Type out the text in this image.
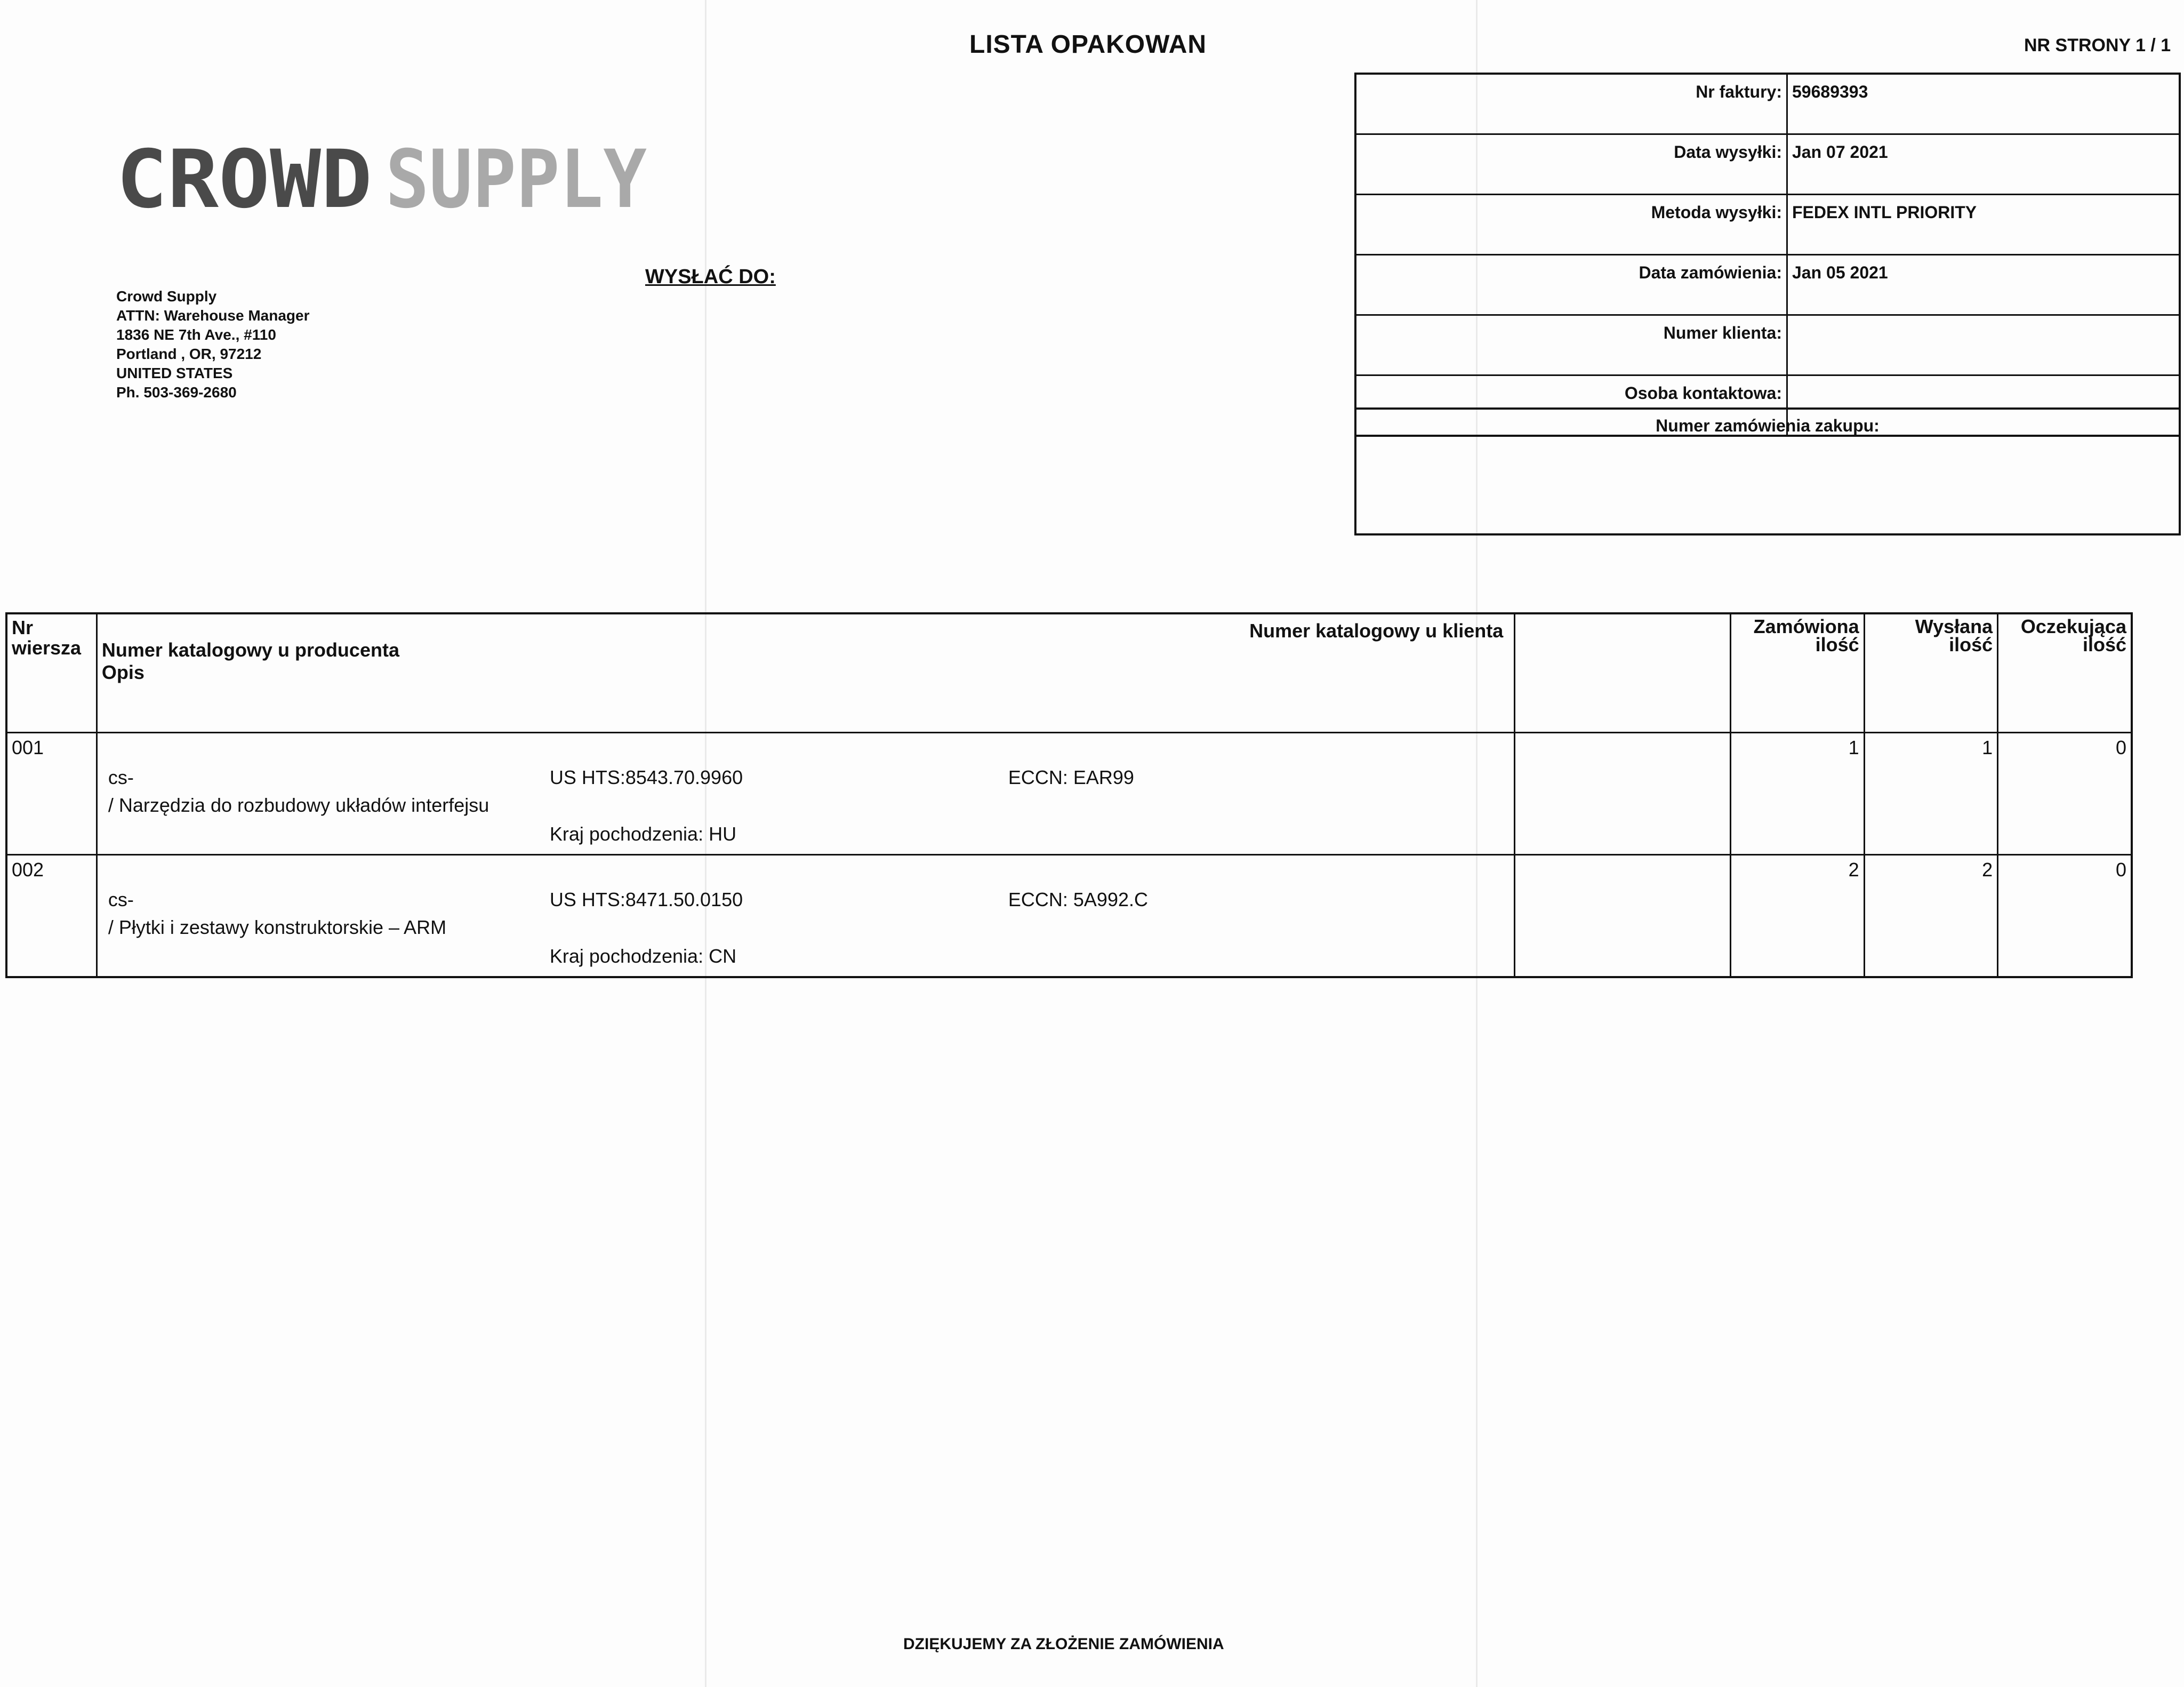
LISTA OPAKOWAN	NR STRONY 1 / 1
CROWD SUPPLY
Crowd Supply
ATTN: Warehouse Manager
1836 NE 7th Ave., #110
Portland , OR, 97212
UNITED STATES
Ph. 503-369-2680
WYSŁAĆ DO:
Nr faktury:	59689393
Data wysyłki:	Jan 07 2021
Metoda wysyłki:	FEDEX INTL PRIORITY
Data zamówienia:	Jan 05 2021
Numer klienta:	
Osoba kontaktowa:	
Numer zamówienia zakupu:
Nr wiersza	Numer katalogowy u producenta
Opis
Numer katalogowy u klienta		Zamówiona ilość	Wysłana ilość	Oczekująca ilość
001	cs-
/ Narzędzia do rozbudowy układów interfejsu
US HTS:8543.70.9960
Kraj pochodzenia: HU
ECCN: EAR99		1	1	0
002	cs-
/ Płytki i zestawy konstruktorskie – ARM
US HTS:8471.50.0150
Kraj pochodzenia: CN
ECCN: 5A992.C		2	2	0
DZIĘKUJEMY ZA ZŁOŻENIE ZAMÓWIENIA
